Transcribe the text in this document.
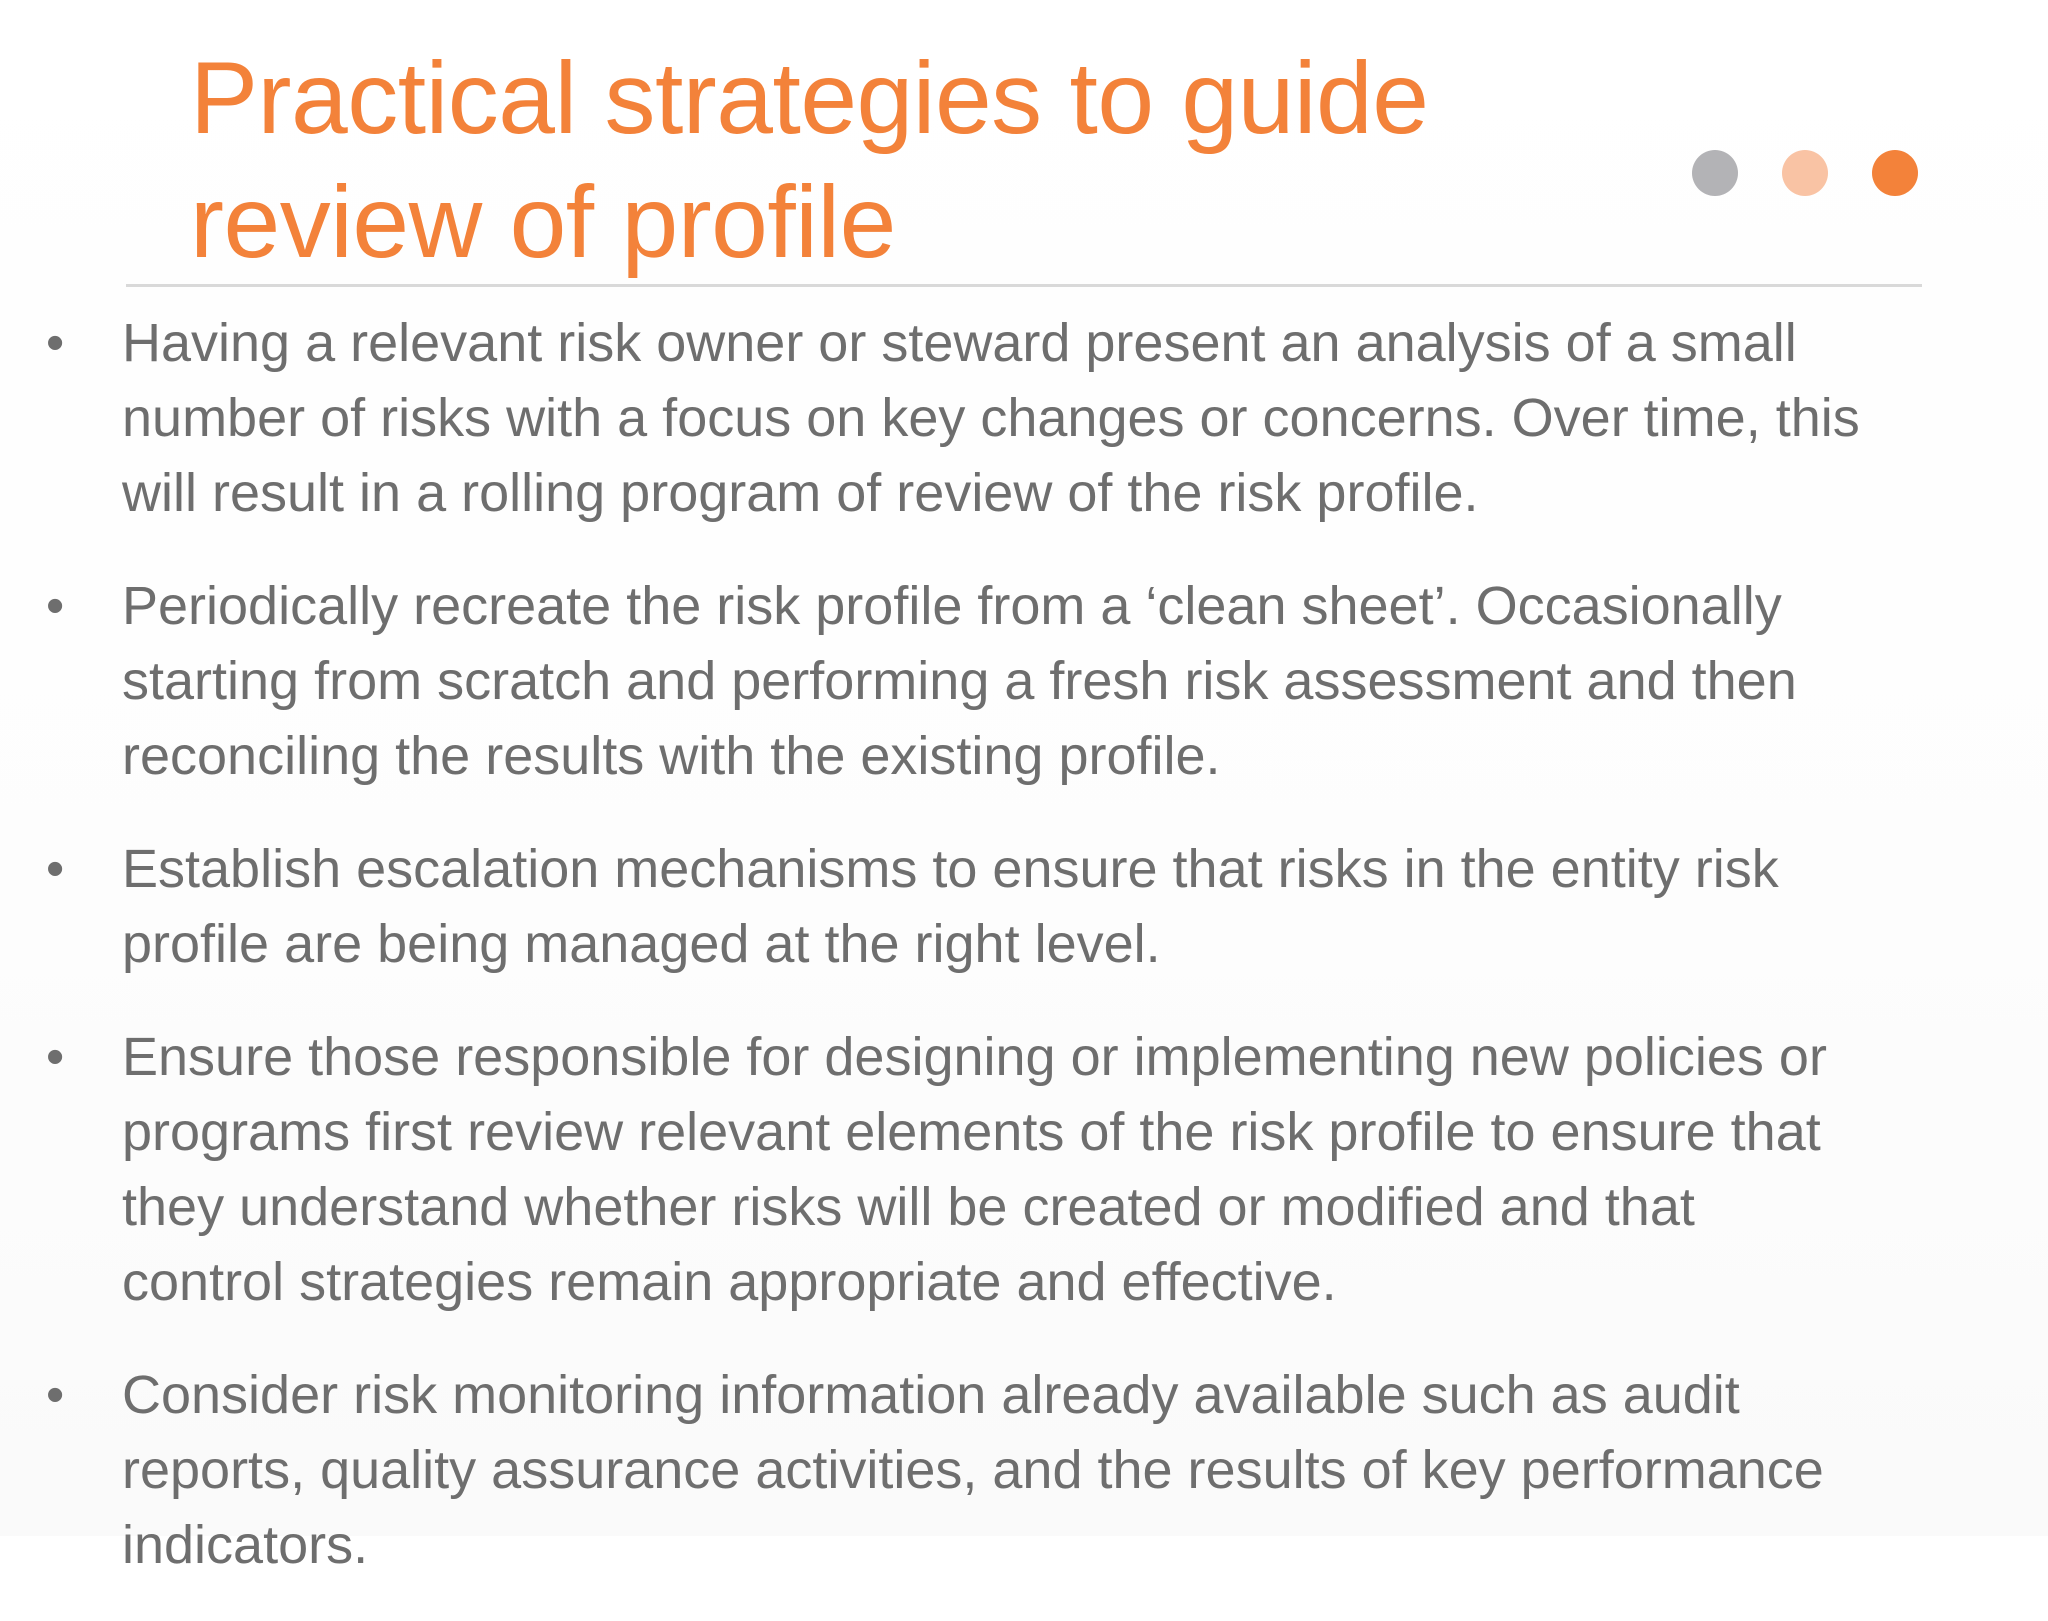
Practical strategies to guide
review of profile
• Having a relevant risk owner or steward present an analysis of a small
number of risks with a focus on key changes or concerns. Over time, this
will result in a rolling program of review of the risk profile.
• Periodically recreate the risk profile from a ‘clean sheet’. Occasionally
starting from scratch and performing a fresh risk assessment and then
reconciling the results with the existing profile.
• Establish escalation mechanisms to ensure that risks in the entity risk
profile are being managed at the right level.
• Ensure those responsible for designing or implementing new policies or
programs first review relevant elements of the risk profile to ensure that
they understand whether risks will be created or modified and that
control strategies remain appropriate and effective.
• Consider risk monitoring information already available such as audit
reports, quality assurance activities, and the results of key performance
indicators.
